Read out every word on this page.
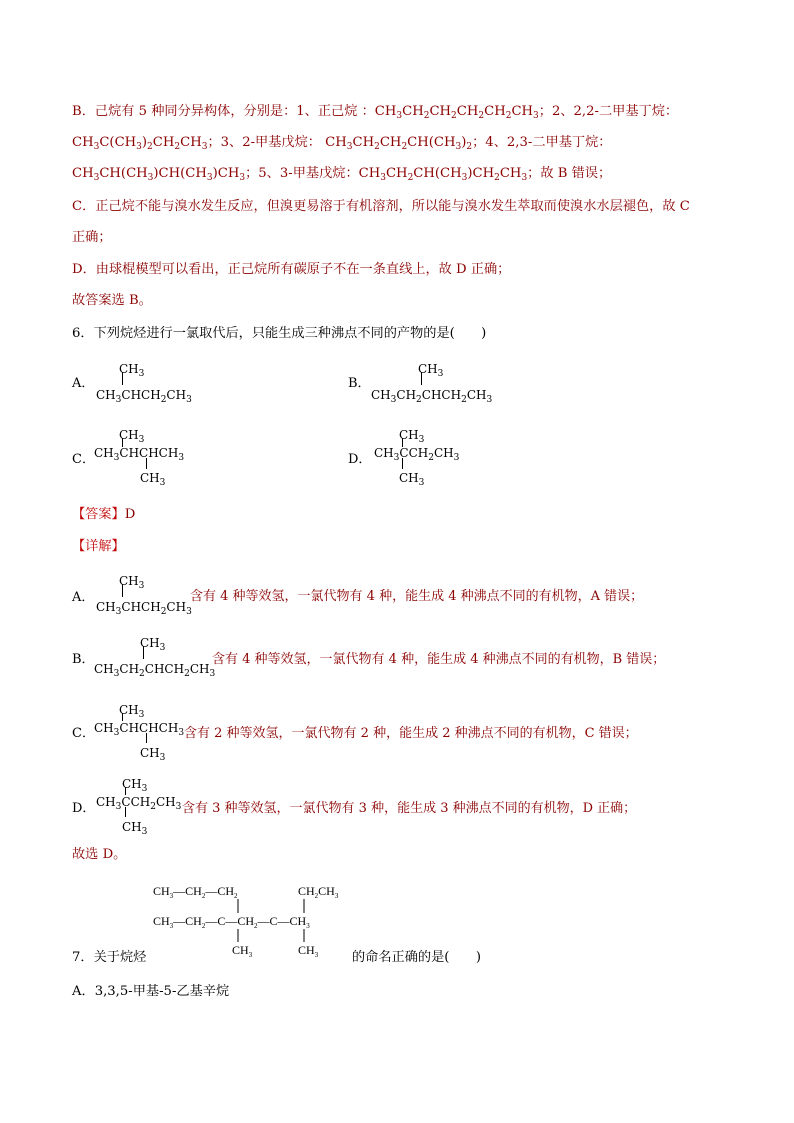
B．己烷有 5 种同分异构体，分别是：1、正己烷 ：$CH_3CH_2CH_2CH_2CH_2CH_3$；2、2,2-二甲基丁烷：
$CH_3C(CH_3)_2CH_2CH_3$；3、2-甲基戊烷： $CH_3CH_2CH_2CH(CH_3)_2$；4、2,3-二甲基丁烷：
$CH_3CH(CH_3)CH(CH_3)CH_3$；5、3-甲基戊烷：$CH_3CH_2CH(CH_3)CH_2CH_3$；故 B 错误；
C．正己烷不能与溴水发生反应，但溴更易溶于有机溶剂，所以能与溴水发生萃取而使溴水水层褪色，故 C
正确；
D．由球棍模型可以看出，正己烷所有碳原子不在一条直线上，故 D 正确；
故答案选 B。
6．下列烷烃进行一氯取代后，只能生成三种沸点不同的产物的是(　　)
A．
$CH_3$
$CH_3CHCH_2CH_3$
B．
$CH_3$
$CH_3CH_2CHCH_2CH_3$
C．
$CH_3$
$CH_3CHCHCH_3$
$CH_3$
D．
$CH_3$
$CH_3CCH_2CH_3$
$CH_3$
【答案】D
【详解】
A．
$CH_3$
$CH_3CHCH_2CH_3$
含有 4 种等效氢，一氯代物有 4 种，能生成 4 种沸点不同的有机物，A 错误；
B．
$CH_3$
$CH_3CH_2CHCH_2CH_3$
含有 4 种等效氢，一氯代物有 4 种，能生成 4 种沸点不同的有机物，B 错误；
C．
$CH_3$
$CH_3CHCHCH_3$
$CH_3$
含有 2 种等效氢，一氯代物有 2 种，能生成 2 种沸点不同的有机物，C 错误；
D．
$CH_3$
$CH_3CCH_2CH_3$
$CH_3$
含有 3 种等效氢，一氯代物有 3 种，能生成 3 种沸点不同的有机物，D 正确；
故选 D。
$CH_3—CH_2—CH_2$	$CH_2CH_3$
$CH_3—CH_2—C—CH_2—C—CH_3$
$CH_3$	$CH_3$
7．关于烷烃	的命名正确的是(　　)
A．3,3,5-甲基-5-乙基辛烷
